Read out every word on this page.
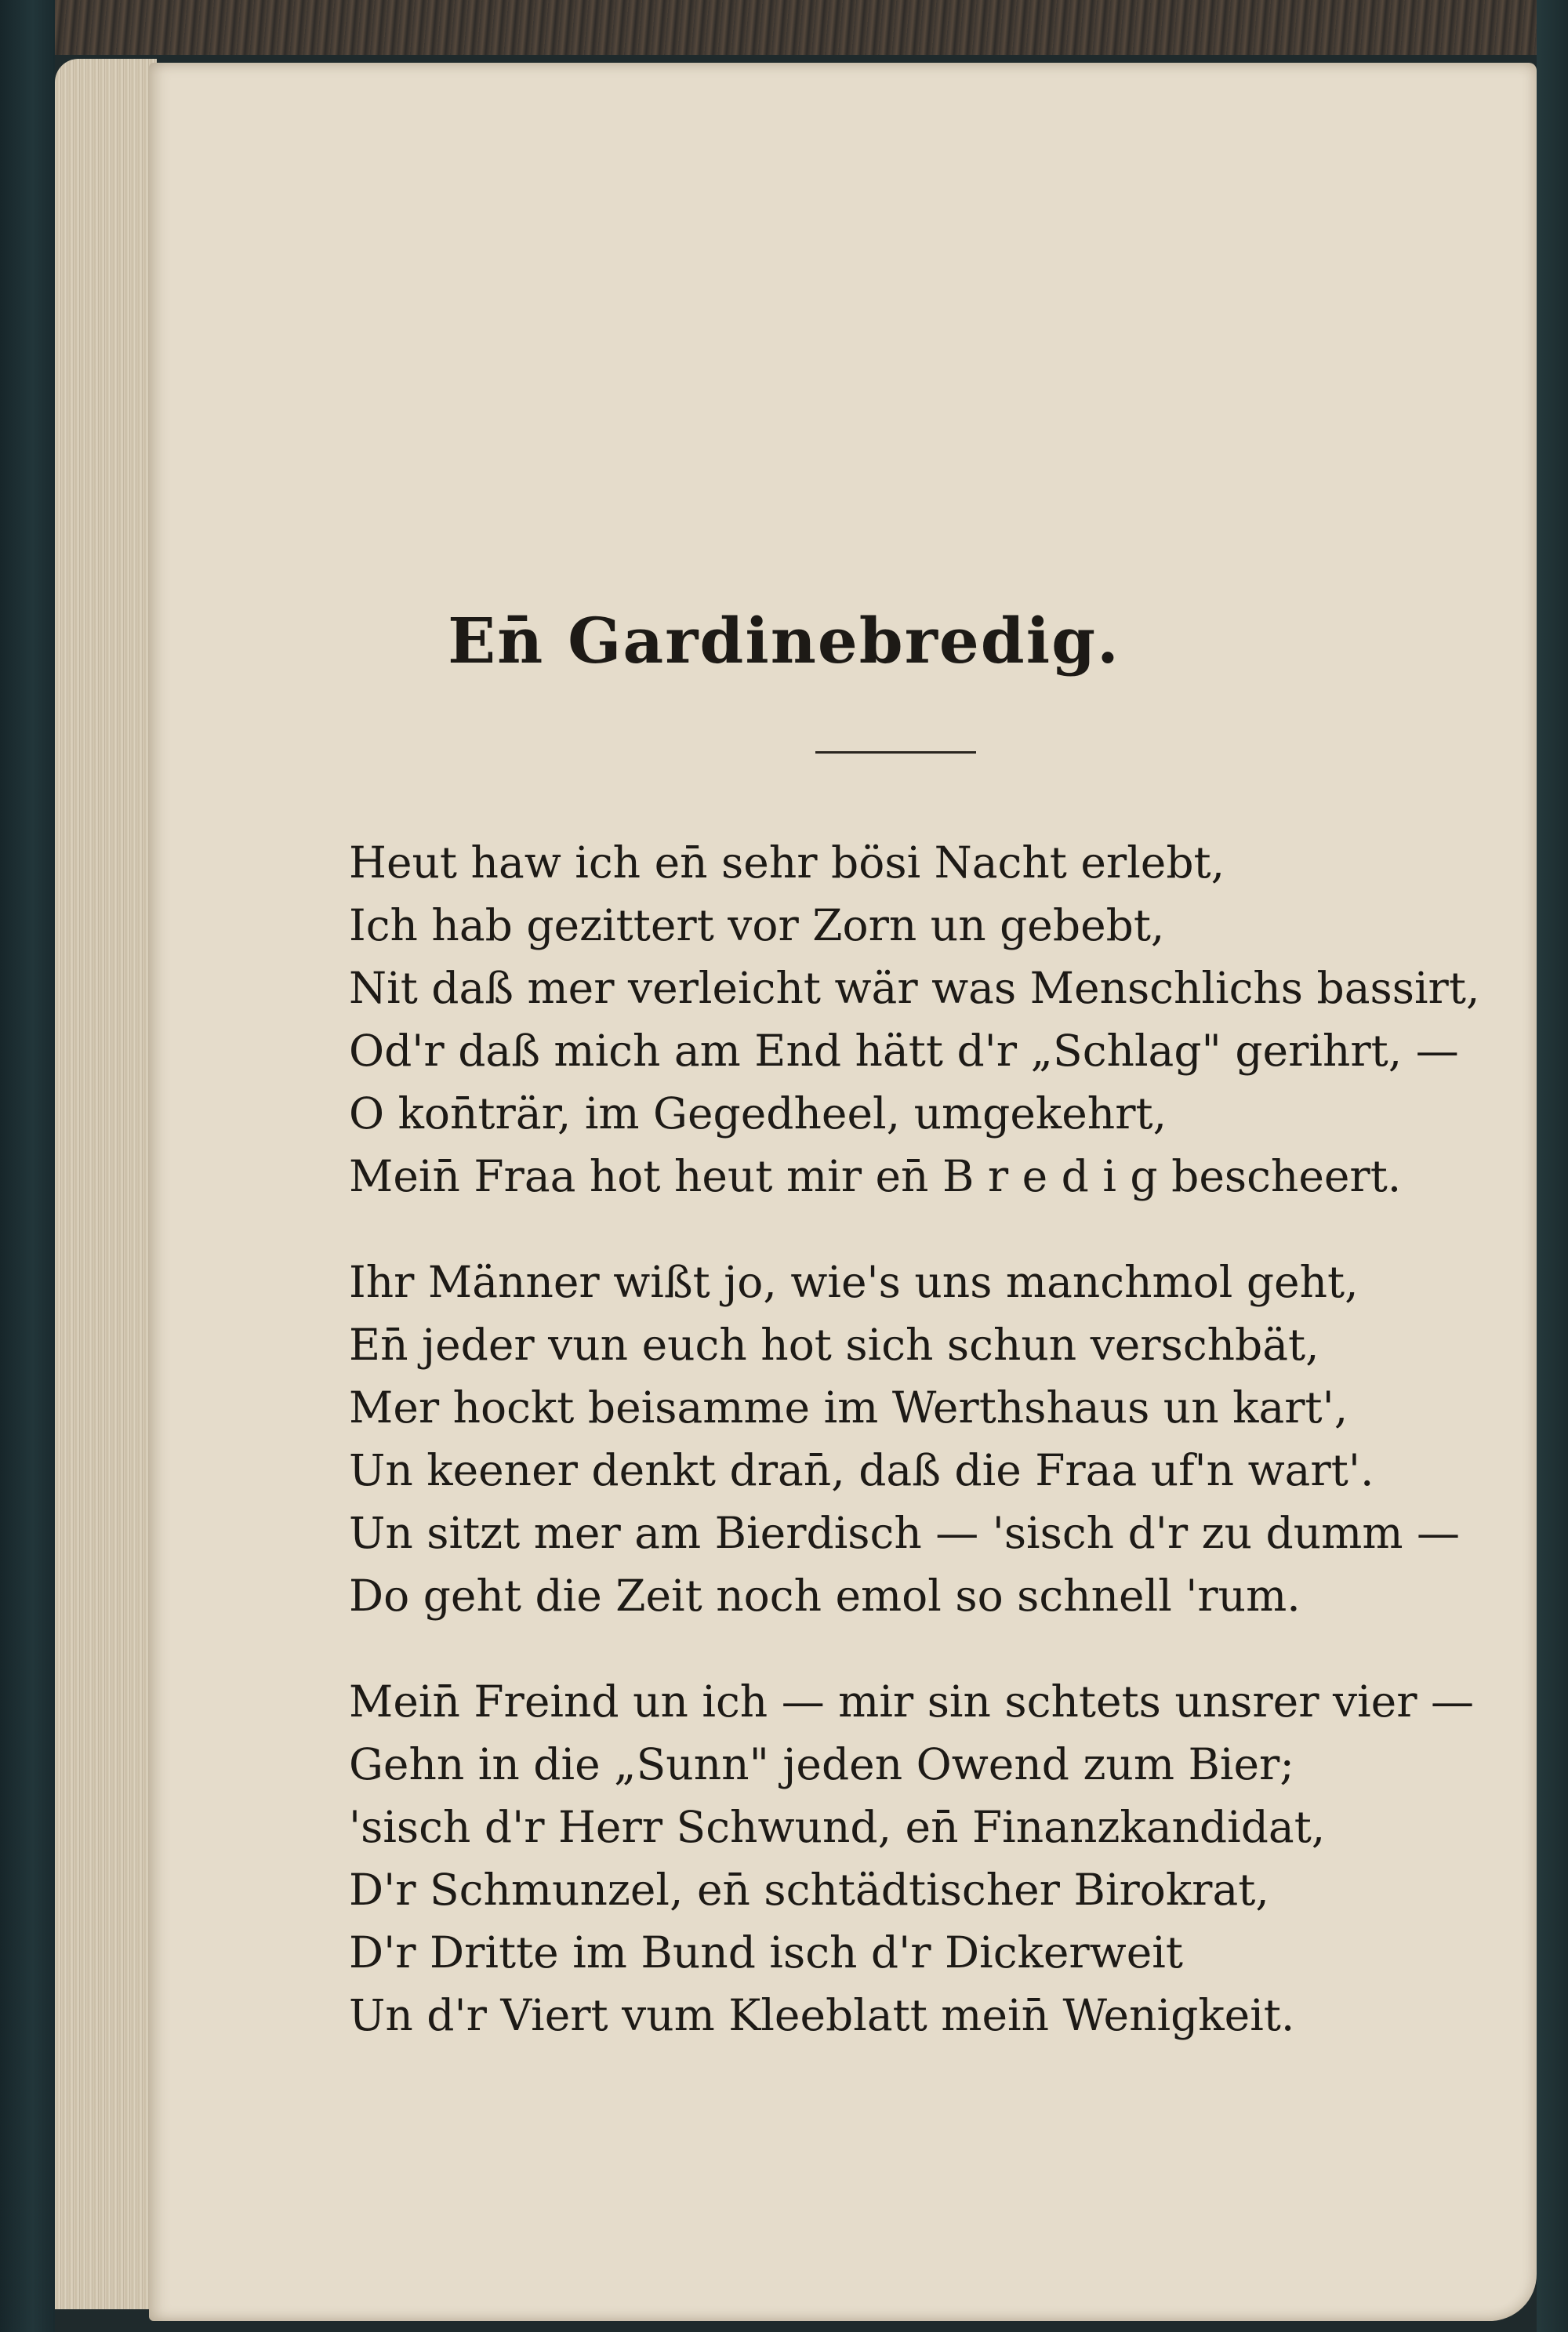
En̄ Gardinebredig.
Heut haw ich en̄ sehr bösi Nacht erlebt,
Ich hab gezittert vor Zorn un gebebt,
Nit daß mer verleicht wär was Menschlichs bassirt,
Od'r daß mich am End hätt d'r „Schlag" gerihrt, —
O kon̄trär, im Gegedheel, umgekehrt,
Mein̄ Fraa hot heut mir en̄ B r e d i g bescheert.
Ihr Männer wißt jo, wie's uns manchmol geht,
En̄ jeder vun euch hot sich schun verschbät,
Mer hockt beisamme im Werthshaus un kart',
Un keener denkt dran̄, daß die Fraa uf'n wart'.
Un sitzt mer am Bierdisch — 'sisch d'r zu dumm —
Do geht die Zeit noch emol so schnell 'rum.
Mein̄ Freind un ich — mir sin schtets unsrer vier —
Gehn in die „Sunn" jeden Owend zum Bier;
'sisch d'r Herr Schwund, en̄ Finanzkandidat,
D'r Schmunzel, en̄ schtädtischer Birokrat,
D'r Dritte im Bund isch d'r Dickerweit
Un d'r Viert vum Kleeblatt mein̄ Wenigkeit.
